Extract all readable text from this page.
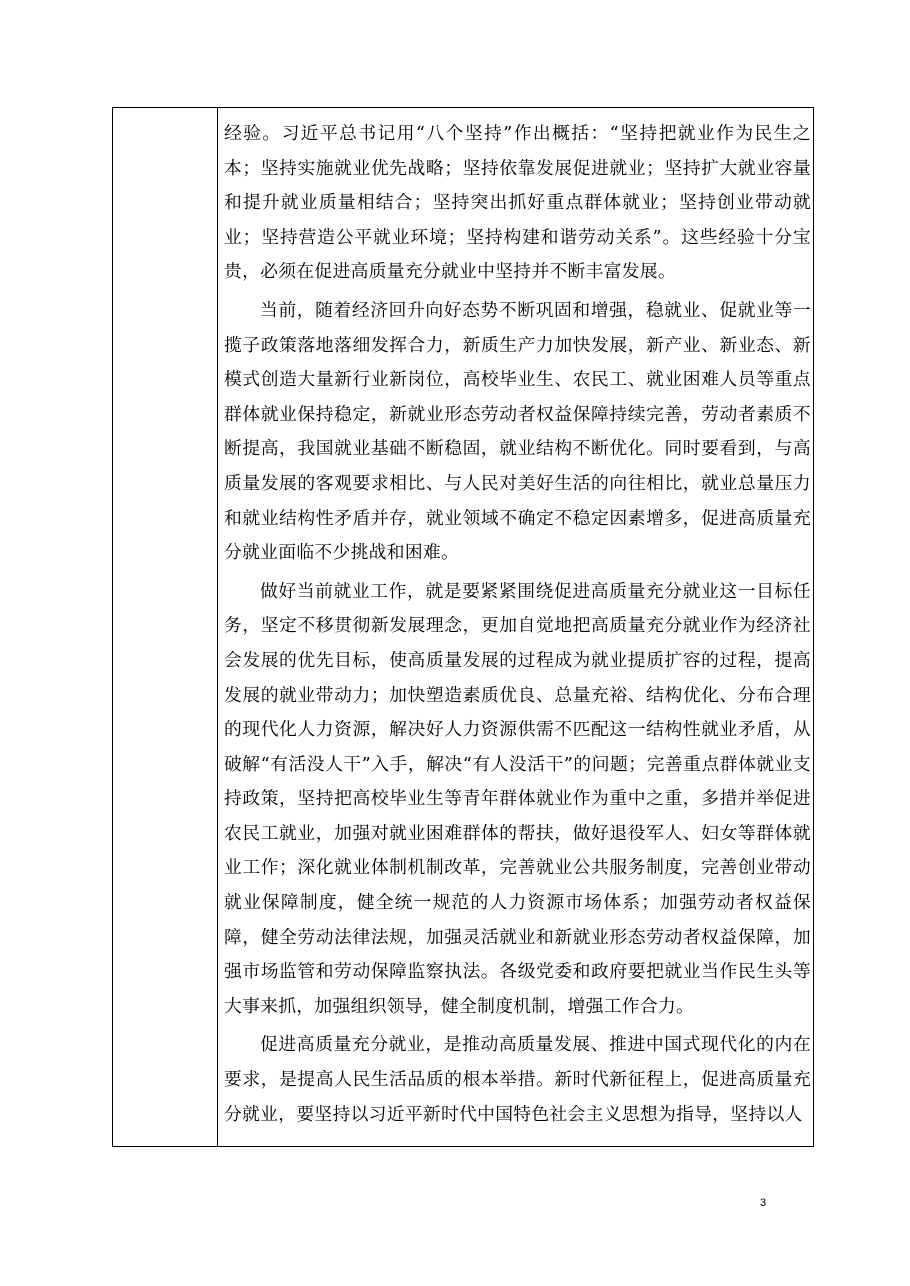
经验。习近平总书记用“八个坚持”作出概括：“坚持把就业作为民生之本；坚持实施就业优先战略；坚持依靠发展促进就业；坚持扩大就业容量和提升就业质量相结合；坚持突出抓好重点群体就业；坚持创业带动就业；坚持营造公平就业环境；坚持构建和谐劳动关系”。这些经验十分宝贵，必须在促进高质量充分就业中坚持并不断丰富发展。

当前，随着经济回升向好态势不断巩固和增强，稳就业、促就业等一揽子政策落地落细发挥合力，新质生产力加快发展，新产业、新业态、新模式创造大量新行业新岗位，高校毕业生、农民工、就业困难人员等重点群体就业保持稳定，新就业形态劳动者权益保障持续完善，劳动者素质不断提高，我国就业基础不断稳固，就业结构不断优化。同时要看到，与高质量发展的客观要求相比、与人民对美好生活的向往相比，就业总量压力和就业结构性矛盾并存，就业领域不确定不稳定因素增多，促进高质量充分就业面临不少挑战和困难。

做好当前就业工作，就是要紧紧围绕促进高质量充分就业这一目标任务，坚定不移贯彻新发展理念，更加自觉地把高质量充分就业作为经济社会发展的优先目标，使高质量发展的过程成为就业提质扩容的过程，提高发展的就业带动力；加快塑造素质优良、总量充裕、结构优化、分布合理的现代化人力资源，解决好人力资源供需不匹配这一结构性就业矛盾，从破解“有活没人干”入手，解决“有人没活干”的问题；完善重点群体就业支持政策，坚持把高校毕业生等青年群体就业作为重中之重，多措并举促进农民工就业，加强对就业困难群体的帮扶，做好退役军人、妇女等群体就业工作；深化就业体制机制改革，完善就业公共服务制度，完善创业带动就业保障制度，健全统一规范的人力资源市场体系；加强劳动者权益保障，健全劳动法律法规，加强灵活就业和新就业形态劳动者权益保障，加强市场监管和劳动保障监察执法。各级党委和政府要把就业当作民生头等大事来抓，加强组织领导，健全制度机制，增强工作合力。

促进高质量充分就业，是推动高质量发展、推进中国式现代化的内在要求，是提高人民生活品质的根本举措。新时代新征程上，促进高质量充分就业，要坚持以习近平新时代中国特色社会主义思想为指导，坚持以人

3
